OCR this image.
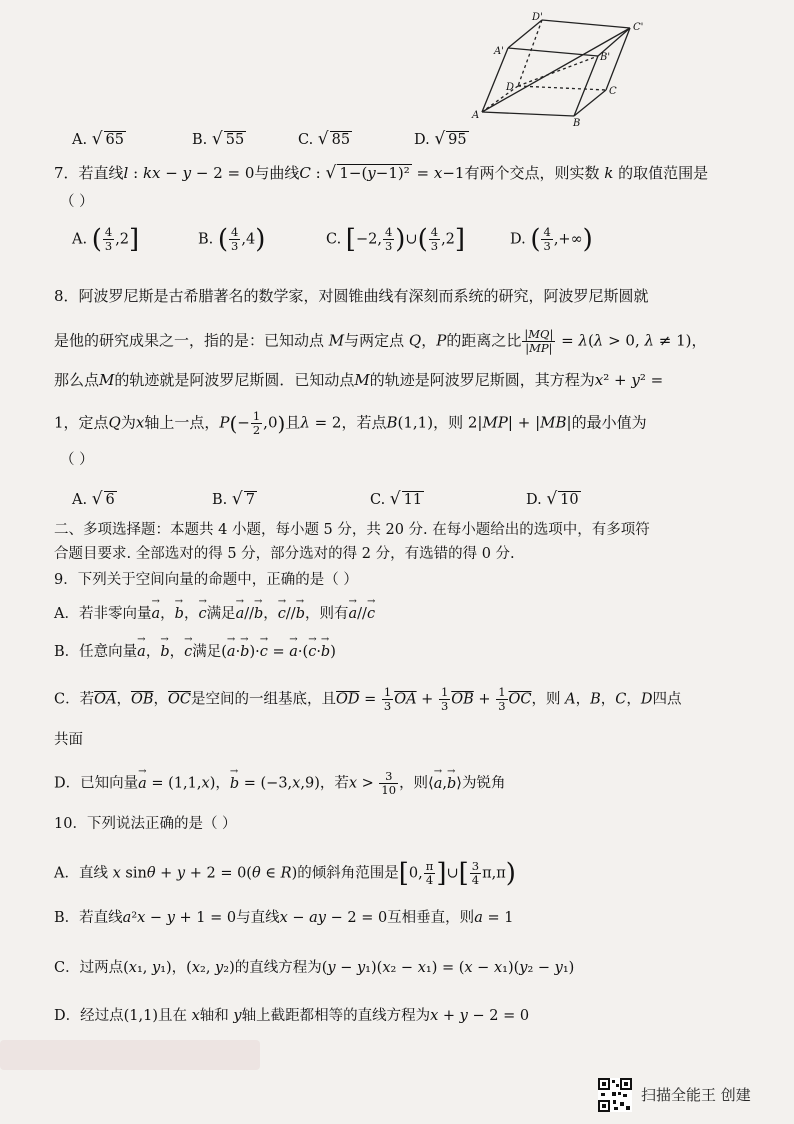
D'
C'
A'
B'
D	C
A
B
A. √ 65	B. √ 55	C. √ 85	D. √ 95
7．若直线l : kx − y − 2 = 0与曲线C : √ 1−(y−1)² = x−1有两个交点，则实数 k 的取值范围是
（ ）
A. ( $\frac{4}{3} ,2$]	B. ( $\frac{4}{3} ,4$)	C. [−2, $\frac{4}{3}$ )∪( $\frac{4}{3} ,2$]	D. ( $\frac{4}{3}$ ,+∞)
8．阿波罗尼斯是古希腊著名的数学家，对圆锥曲线有深刻而系统的研究，阿波罗尼斯圆就
是他的研究成果之一，指的是：已知动点 M与两定点 Q，P的距离之比 $\frac{|MQ|}{|MP|} = \lambda(\lambda > 0$, λ ≠ 1)，
那么点M的轨迹就是阿波罗尼斯圆．已知动点M的轨迹是阿波罗尼斯圆，其方程为x² + y² =
1，定点Q为x轴上一点，$P(- \frac{1}{2} ,0)$且λ = 2，若点B(1,1)，则 2|MP| + |MB|的最小值为
（ ）
A. √ 6	B. √ 7	C. √ 11	D. √ 10
二、多项选择题：本题共 4 小题，每小题 5 分，共 20 分. 在每小题给出的选项中，有多项符
合题目要求. 全部选对的得 5 分，部分选对的得 2 分，有选错的得 0 分.
9．下列关于空间向量的命题中，正确的是（ ）
A．若非零向量→ a，→ b，→ c满足→ a//→ b，→ c//→ b，则有→ a//→ c
B．任意向量→ a，→ b，→ c满足(→ a·→ b)·→ c = → a·(→ c·→ b)
C．若$\overline{OA}$，$\overline{OB}$，$\overline{OC}$是空间的一组基底，且$\overline{OD} = \frac{1}{3} \overline{OA} + \frac{1}{3} \overline{OB} + \frac{1}{3} \overline{OC}$，则 A，B，C，D四点
共面
D．已知向量→ a = (1,1,x)，→ b = (−3,x,9)，若$x > \frac{3}{10}$ ，则⟨→ a,→ b⟩为锐角
10．下列说法正确的是（ ）
A．直线 x sinθ + y + 2 = 0(θ ∈ R)的倾斜角范围是[0, $\frac{\pi}{4}$ ]∪[ $\frac{3}{4} \pi,\pi$)
B．若直线a²x − y + 1 = 0与直线x − ay − 2 = 0互相垂直，则a = 1
C．过两点(x₁, y₁)，(x₂, y₂)的直线方程为(y − y₁)(x₂ − x₁) = (x − x₁)(y₂ − y₁)
D．经过点(1,1)且在 x轴和 y轴上截距都相等的直线方程为x + y − 2 = 0
扫描全能王 创建
